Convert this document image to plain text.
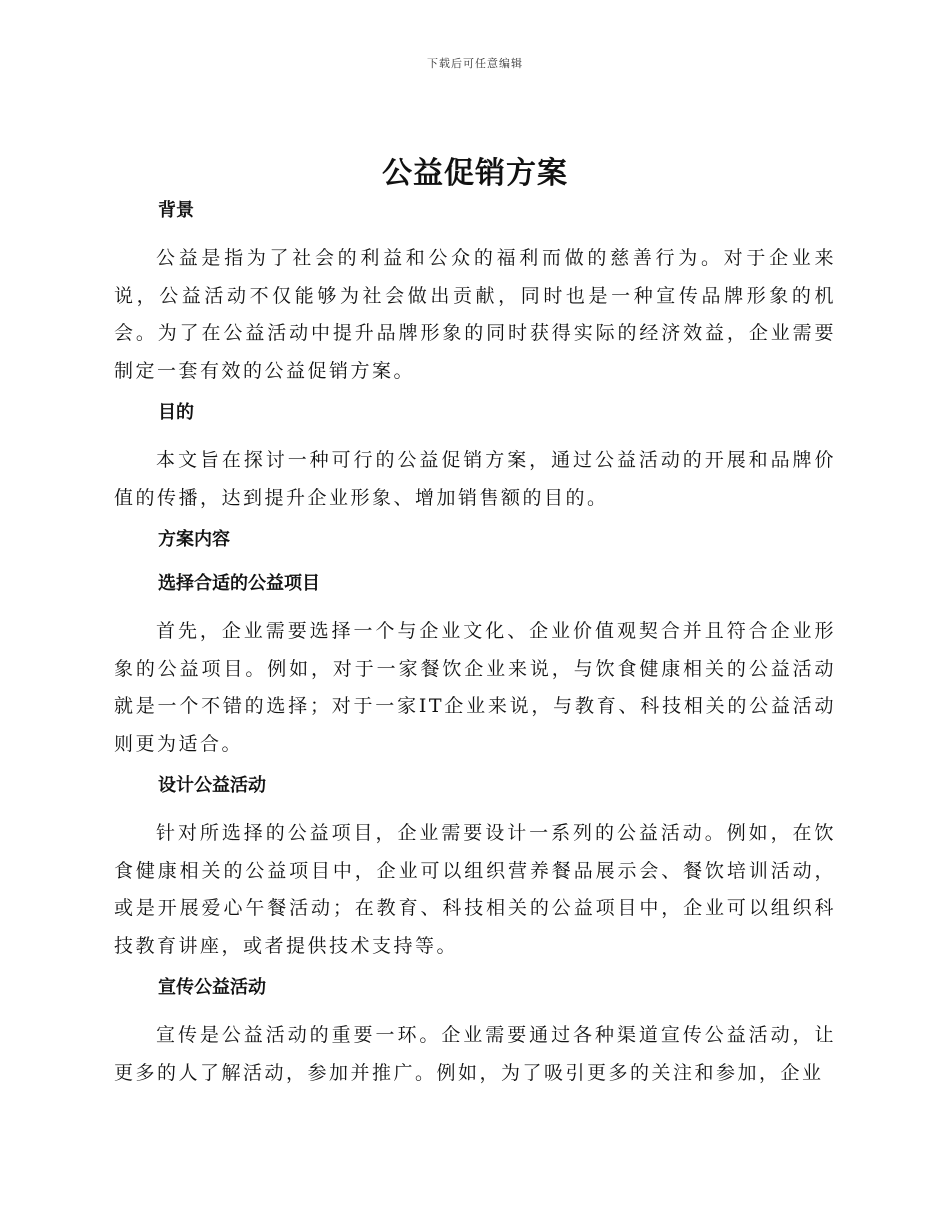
下载后可任意编辑
公益促销方案
背景

公益是指为了社会的利益和公众的福利而做的慈善行为。对于企业来说，公益活动不仅能够为社会做出贡献，同时也是一种宣传品牌形象的机会。为了在公益活动中提升品牌形象的同时获得实际的经济效益，企业需要制定一套有效的公益促销方案。

目的

本文旨在探讨一种可行的公益促销方案，通过公益活动的开展和品牌价值的传播，达到提升企业形象、增加销售额的目的。

方案内容
选择合适的公益项目

首先，企业需要选择一个与企业文化、企业价值观契合并且符合企业形象的公益项目。例如，对于一家餐饮企业来说，与饮食健康相关的公益活动就是一个不错的选择；对于一家IT企业来说，与教育、科技相关的公益活动则更为适合。

设计公益活动

针对所选择的公益项目，企业需要设计一系列的公益活动。例如，在饮食健康相关的公益项目中，企业可以组织营养餐品展示会、餐饮培训活动，或是开展爱心午餐活动；在教育、科技相关的公益项目中，企业可以组织科技教育讲座，或者提供技术支持等。

宣传公益活动

宣传是公益活动的重要一环。企业需要通过各种渠道宣传公益活动，让更多的人了解活动，参加并推广。例如，为了吸引更多的关注和参加，企业
